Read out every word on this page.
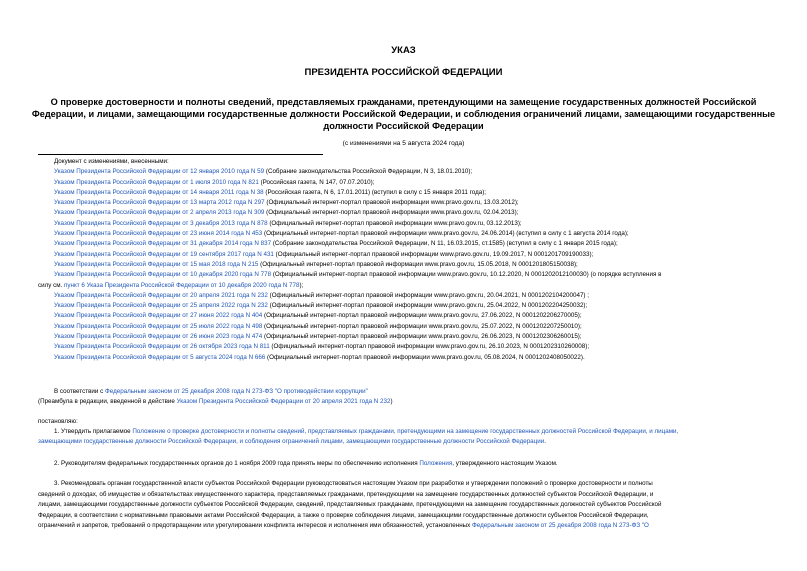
УКАЗ
ПРЕЗИДЕНТА РОССИЙСКОЙ ФЕДЕРАЦИИ
О проверке достоверности и полноты сведений, представляемых гражданами, претендующими на замещение государственных должностей Российской
Федерации, и лицами, замещающими государственные должности Российской Федерации, и соблюдения ограничений лицами, замещающими государственные
должности Российской Федерации
(с изменениями на 5 августа 2024 года)
Документ с изменениями, внесенными:
Указом Президента Российской Федерации от 12 января 2010 года N 59 (Собрание законодательства Российской Федерации, N 3, 18.01.2010);
Указом Президента Российской Федерации от 1 июля 2010 года N 821 (Российская газета, N 147, 07.07.2010);
Указом Президента Российской Федерации от 14 января 2011 года N 38 (Российская газета, N 6, 17.01.2011) (вступил в силу с 15 января 2011 года);
Указом Президента Российской Федерации от 13 марта 2012 года N 297 (Официальный интернет-портал правовой информации www.pravo.gov.ru, 13.03.2012);
Указом Президента Российской Федерации от 2 апреля 2013 года N 309 (Официальный интернет-портал правовой информации www.pravo.gov.ru, 02.04.2013);
Указом Президента Российской Федерации от 3 декабря 2013 года N 878 (Официальный интернет-портал правовой информации www.pravo.gov.ru, 03.12.2013);
Указом Президента Российской Федерации от 23 июня 2014 года N 453 (Официальный интернет-портал правовой информации www.pravo.gov.ru, 24.06.2014) (вступил в силу с 1 августа 2014 года);
Указом Президента Российской Федерации от 31 декабря 2014 года N 837 (Собрание законодательства Российской Федерации, N 11, 16.03.2015, ст.1585) (вступил в силу с 1 января 2015 года);
Указом Президента Российской Федерации от 19 сентября 2017 года N 431 (Официальный интернет-портал правовой информации www.pravo.gov.ru, 19.09.2017, N 0001201709190033);
Указом Президента Российской Федерации от 15 мая 2018 года N 215 (Официальный интернет-портал правовой информации www.pravo.gov.ru, 15.05.2018, N 0001201805150038);
Указом Президента Российской Федерации от 10 декабря 2020 года N 778 (Официальный интернет-портал правовой информации www.pravo.gov.ru, 10.12.2020, N 0001202012100030) (о порядке вступления в
силу см. пункт 6 Указа Президента Российской Федерации от 10 декабря 2020 года N 778);
Указом Президента Российской Федерации от 20 апреля 2021 года N 232 (Официальный интернет-портал правовой информации www.pravo.gov.ru, 20.04.2021, N 0001202104200047) ;
Указом Президента Российской Федерации от 25 апреля 2022 года N 232 (Официальный интернет-портал правовой информации www.pravo.gov.ru, 25.04.2022, N 0001202204250032);
Указом Президента Российской Федерации от 27 июня 2022 года N 404 (Официальный интернет-портал правовой информации www.pravo.gov.ru, 27.06.2022, N 0001202206270005);
Указом Президента Российской Федерации от 25 июля 2022 года N 498 (Официальный интернет-портал правовой информации www.pravo.gov.ru, 25.07.2022, N 0001202207250010);
Указом Президента Российской Федерации от 26 июня 2023 года N 474 (Официальный интернет-портал правовой информации www.pravo.gov.ru, 26.06.2023, N 0001202306260015);
Указом Президента Российской Федерации от 26 октября 2023 года N 811 (Официальный интернет-портал правовой информации www.pravo.gov.ru, 26.10.2023, N 0001202310260008);
Указом Президента Российской Федерации от 5 августа 2024 года N 666 (Официальный интернет-портал правовой информации www.pravo.gov.ru, 05.08.2024, N 0001202408050022).
В соответствии с Федеральным законом от 25 декабря 2008 года N 273-ФЗ "О противодействии коррупции"
(Преамбула в редакции, введенной в действие Указом Президента Российской Федерации от 20 апреля 2021 года N 232)
постановляю:
1. Утвердить прилагаемое Положение о проверке достоверности и полноты сведений, представляемых гражданами, претендующими на замещение государственных должностей Российской Федерации, и лицами,
замещающими государственные должности Российской Федерации, и соблюдения ограничений лицами, замещающими государственные должности Российской Федерации.
2. Руководителям федеральных государственных органов до 1 ноября 2009 года принять меры по обеспечению исполнения Положения, утвержденного настоящим Указом.
3. Рекомендовать органам государственной власти субъектов Российской Федерации руководствоваться настоящим Указом при разработке и утверждении положений о проверке достоверности и полноты
сведений о доходах, об имуществе и обязательствах имущественного характера, представляемых гражданами, претендующими на замещение государственных должностей субъектов Российской Федерации, и
лицами, замещающими государственные должности субъектов Российской Федерации, сведений, представляемых гражданами, претендующими на замещение государственных должностей субъектов Российской
Федерации, в соответствии с нормативными правовыми актами Российской Федерации, а также о проверке соблюдения лицами, замещающими государственные должности субъектов Российской Федерации,
ограничений и запретов, требований о предотвращении или урегулировании конфликта интересов и исполнения ими обязанностей, установленных Федеральным законом от 25 декабря 2008 года N 273-ФЗ "О
